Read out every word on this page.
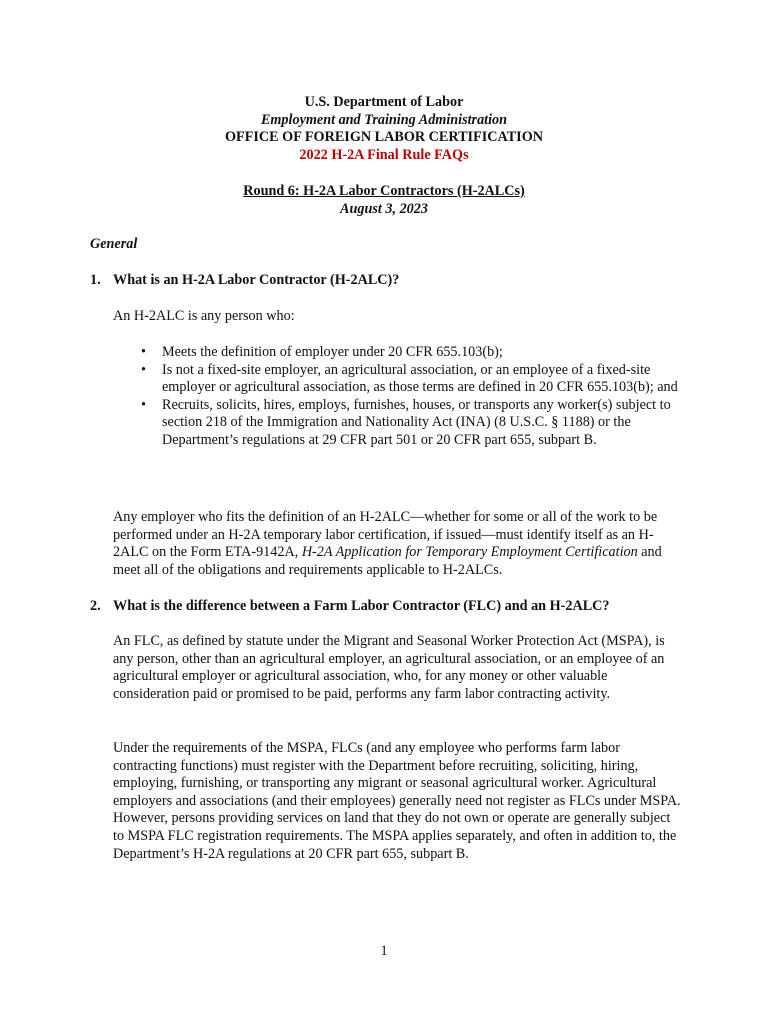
U.S. Department of Labor
Employment and Training Administration
OFFICE OF FOREIGN LABOR CERTIFICATION
2022 H-2A Final Rule FAQs
Round 6: H-2A Labor Contractors (H-2ALCs)
August 3, 2023
General
1. What is an H-2A Labor Contractor (H-2ALC)?

An H-2ALC is any person who:

• Meets the definition of employer under 20 CFR 655.103(b);
• Is not a fixed-site employer, an agricultural association, or an employee of a fixed-site employer or agricultural association, as those terms are defined in 20 CFR 655.103(b); and
• Recruits, solicits, hires, employs, furnishes, houses, or transports any worker(s) subject to section 218 of the Immigration and Nationality Act (INA) (8 U.S.C. § 1188) or the Department’s regulations at 29 CFR part 501 or 20 CFR part 655, subpart B.

Any employer who fits the definition of an H-2ALC—whether for some or all of the work to be performed under an H-2A temporary labor certification, if issued—must identify itself as an H-2ALC on the Form ETA-9142A, H-2A Application for Temporary Employment Certification and meet all of the obligations and requirements applicable to H-2ALCs.

2. What is the difference between a Farm Labor Contractor (FLC) and an H-2ALC?

An FLC, as defined by statute under the Migrant and Seasonal Worker Protection Act (MSPA), is any person, other than an agricultural employer, an agricultural association, or an employee of an agricultural employer or agricultural association, who, for any money or other valuable consideration paid or promised to be paid, performs any farm labor contracting activity.

Under the requirements of the MSPA, FLCs (and any employee who performs farm labor contracting functions) must register with the Department before recruiting, soliciting, hiring, employing, furnishing, or transporting any migrant or seasonal agricultural worker. Agricultural employers and associations (and their employees) generally need not register as FLCs under MSPA. However, persons providing services on land that they do not own or operate are generally subject to MSPA FLC registration requirements. The MSPA applies separately, and often in addition to, the Department’s H-2A regulations at 20 CFR part 655, subpart B.

1
